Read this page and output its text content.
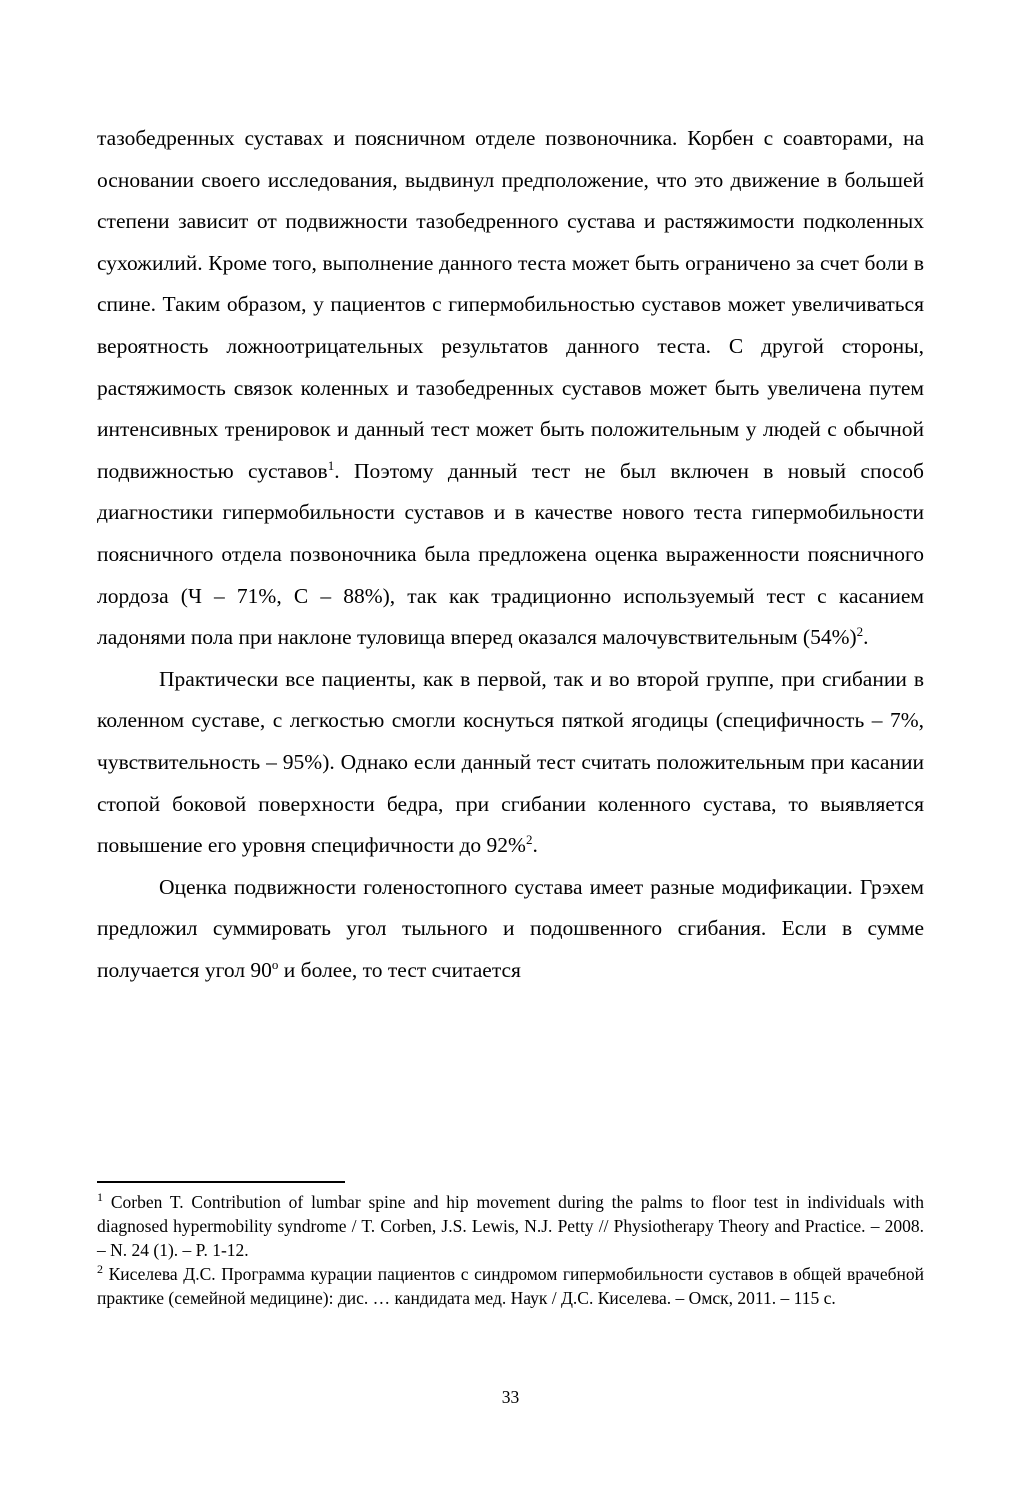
тазобедренных суставах и поясничном отделе позвоночника. Корбен с соавторами, на основании своего исследования, выдвинул предположение, что это движение в большей степени зависит от подвижности тазобедренного сустава и растяжимости подколенных сухожилий. Кроме того, выполнение данного теста может быть ограничено за счет боли в спине. Таким образом, у пациентов с гипермобильностью суставов может увеличиваться вероятность ложноотрицательных результатов данного теста. С другой стороны, растяжимость связок коленных и тазобедренных суставов может быть увеличена путем интенсивных тренировок и данный тест может быть положительным у людей с обычной подвижностью суставов$^1$. Поэтому данный тест не был включен в новый способ диагностики гипермобильности суставов и в качестве нового теста гипермобильности поясничного отдела позвоночника была предложена оценка выраженности поясничного лордоза (Ч – 71%, С – 88%), так как традиционно используемый тест с касанием ладонями пола при наклоне туловища вперед оказался малочувствительным $(54\%)^2$.

Практически все пациенты, как в первой, так и во второй группе, при сгибании в коленном суставе, с легкостью смогли коснуться пяткой ягодицы (специфичность – 7%, чувствительность – 95%). Однако если данный тест считать положительным при касании стопой боковой поверхности бедра, при сгибании коленного сустава, то выявляется повышение его уровня специфичности до 92%$^2$.

Оценка подвижности голеностопного сустава имеет разные модификации. Грэхем предложил суммировать угол тыльного и подошвенного сгибания. Если в сумме получается угол $90^о$ и более, то тест считается

$^1$ Corben T. Contribution of lumbar spine and hip movement during the palms to floor test in individuals with diagnosed hypermobility syndrome / T. Corben, J.S. Lewis, N.J. Petty // Physiotherapy Theory and Practice. – 2008. – N. 24 (1). – P. 1-12.

$^2$ Киселева Д.С. Программа курации пациентов с синдромом гипермобильности суставов в общей врачебной практике (семейной медицине): дис. … кандидата мед. Наук / Д.С. Киселева. – Омск, 2011. – 115 с.

33
